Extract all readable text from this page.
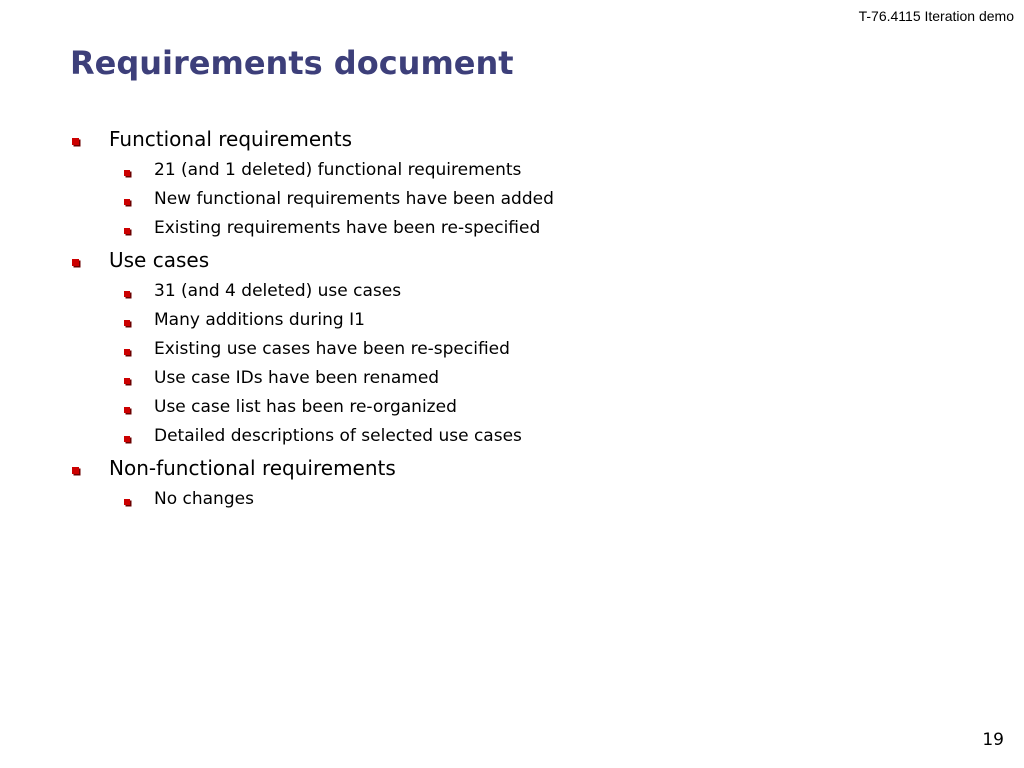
T-76.4115 Iteration demo
Requirements document
Functional requirements
21 (and 1 deleted) functional requirements
New functional requirements have been added
Existing requirements have been re-specified
Use cases
31 (and 4 deleted) use cases
Many additions during I1
Existing use cases have been re-specified
Use case IDs have been renamed
Use case list has been re-organized
Detailed descriptions of selected use cases
Non-functional requirements
No changes
19
